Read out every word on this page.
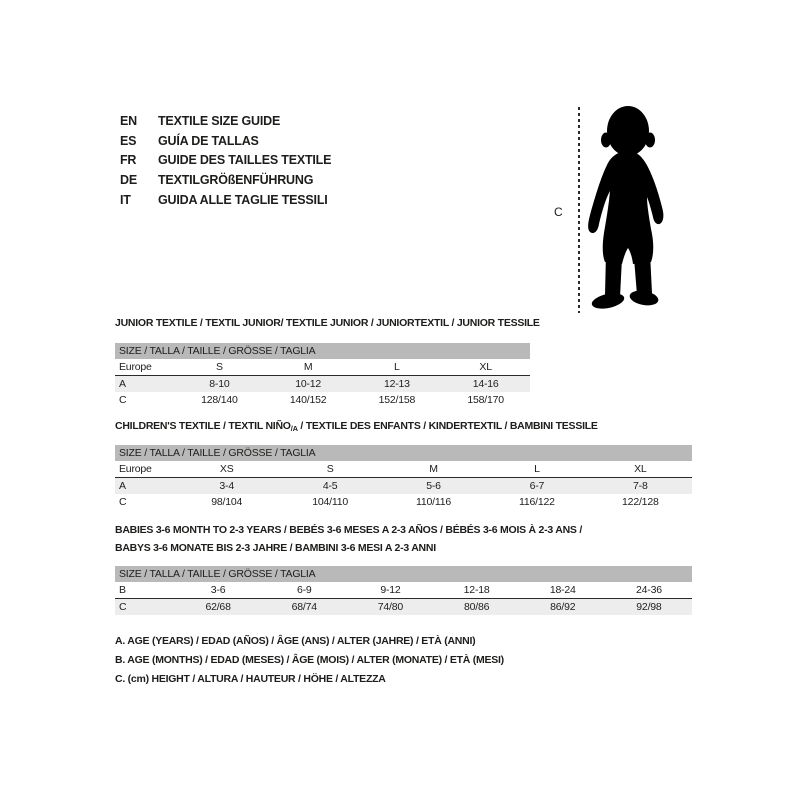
EN	TEXTILE SIZE GUIDE
ES	GUÍA DE TALLAS
FR	GUIDE DES TAILLES TEXTILE
DE	TEXTILGRÖßENFÜHRUNG
IT	GUIDA ALLE TAGLIE TESSILI
C
JUNIOR TEXTILE / TEXTIL JUNIOR/ TEXTILE JUNIOR / JUNIORTEXTIL / JUNIOR TESSILE
SIZE / TALLA / TAILLE / GRÖSSE / TAGLIA
Europe	S	M	L	XL
A	8-10	10-12	12-13	14-16
C	128/140	140/152	152/158	158/170
CHILDREN'S TEXTILE / TEXTIL $NIÑO_{/A}$ / TEXTILE DES ENFANTS / KINDERTEXTIL / BAMBINI TESSILE
SIZE / TALLA / TAILLE / GRÖSSE / TAGLIA
Europe	XS	S	M	L	XL
A	3-4	4-5	5-6	6-7	7-8
C	98/104	104/110	110/116	116/122	122/128
BABIES 3-6 MONTH TO 2-3 YEARS / BEBÉS 3-6 MESES A 2-3 AÑOS / BÉBÉS 3-6 MOIS À 2-3 ANS /
BABYS 3-6 MONATE BIS 2-3 JAHRE / BAMBINI 3-6 MESI A 2-3 ANNI
SIZE / TALLA / TAILLE / GRÖSSE / TAGLIA
B	3-6	6-9	9-12	12-18	18-24	24-36
C	62/68	68/74	74/80	80/86	86/92	92/98
A. AGE (YEARS) / EDAD (AÑOS) / ÂGE (ANS) / ALTER (JAHRE) / ETÀ (ANNI)
B. AGE (MONTHS) / EDAD (MESES) / ÂGE (MOIS) / ALTER (MONATE) / ETÀ (MESI)
C. (cm) HEIGHT / ALTURA / HAUTEUR / HÖHE / ALTEZZA
